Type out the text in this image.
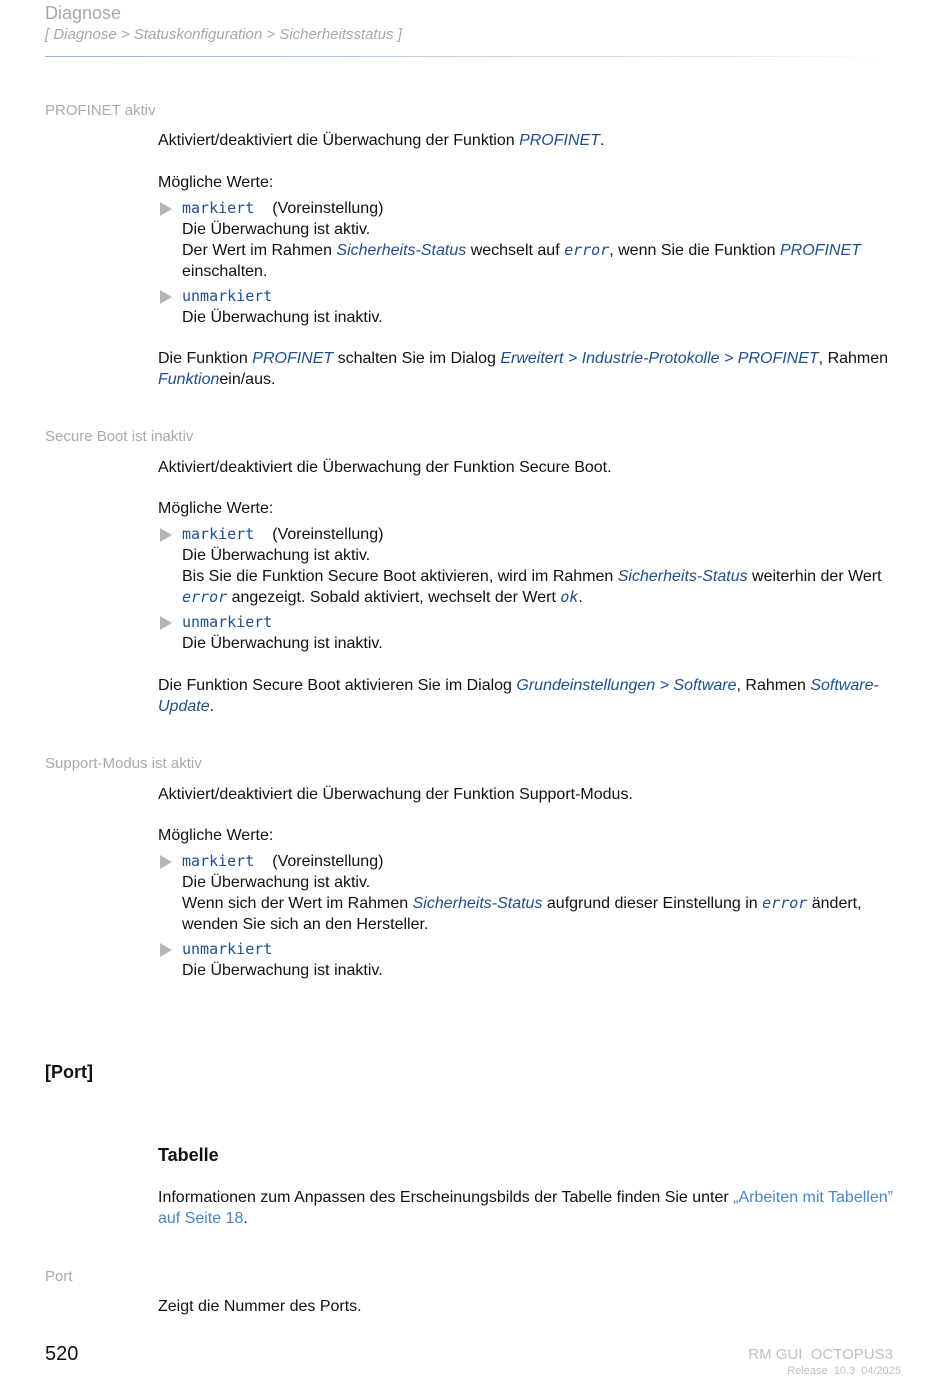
Diagnose
[ Diagnose > Statuskonfiguration > Sicherheitsstatus ]
PROFINET aktiv
Aktiviert/deaktiviert die Überwachung der Funktion PROFINET.
Mögliche Werte:
markiert (Voreinstellung)
Die Überwachung ist aktiv.
Der Wert im Rahmen Sicherheits-Status wechselt auf error, wenn Sie die Funktion PROFINET einschalten.
unmarkiert
Die Überwachung ist inaktiv.
Die Funktion PROFINET schalten Sie im Dialog Erweitert > Industrie-Protokolle > PROFINET, Rahmen Funktionein/aus.
Secure Boot ist inaktiv
Aktiviert/deaktiviert die Überwachung der Funktion Secure Boot.
Mögliche Werte:
markiert (Voreinstellung)
Die Überwachung ist aktiv.
Bis Sie die Funktion Secure Boot aktivieren, wird im Rahmen Sicherheits-Status weiterhin der Wert error angezeigt. Sobald aktiviert, wechselt der Wert ok.
unmarkiert
Die Überwachung ist inaktiv.
Die Funktion Secure Boot aktivieren Sie im Dialog Grundeinstellungen > Software, Rahmen Software-Update.
Support-Modus ist aktiv
Aktiviert/deaktiviert die Überwachung der Funktion Support-Modus.
Mögliche Werte:
markiert (Voreinstellung)
Die Überwachung ist aktiv.
Wenn sich der Wert im Rahmen Sicherheits-Status aufgrund dieser Einstellung in error ändert, wenden Sie sich an den Hersteller.
unmarkiert
Die Überwachung ist inaktiv.
[Port]
Tabelle
Informationen zum Anpassen des Erscheinungsbilds der Tabelle finden Sie unter „Arbeiten mit Tabellen” auf Seite 18.
Port
Zeigt die Nummer des Ports.
520	RM GUI  OCTOPUS3
Release  10.3  04/2025
